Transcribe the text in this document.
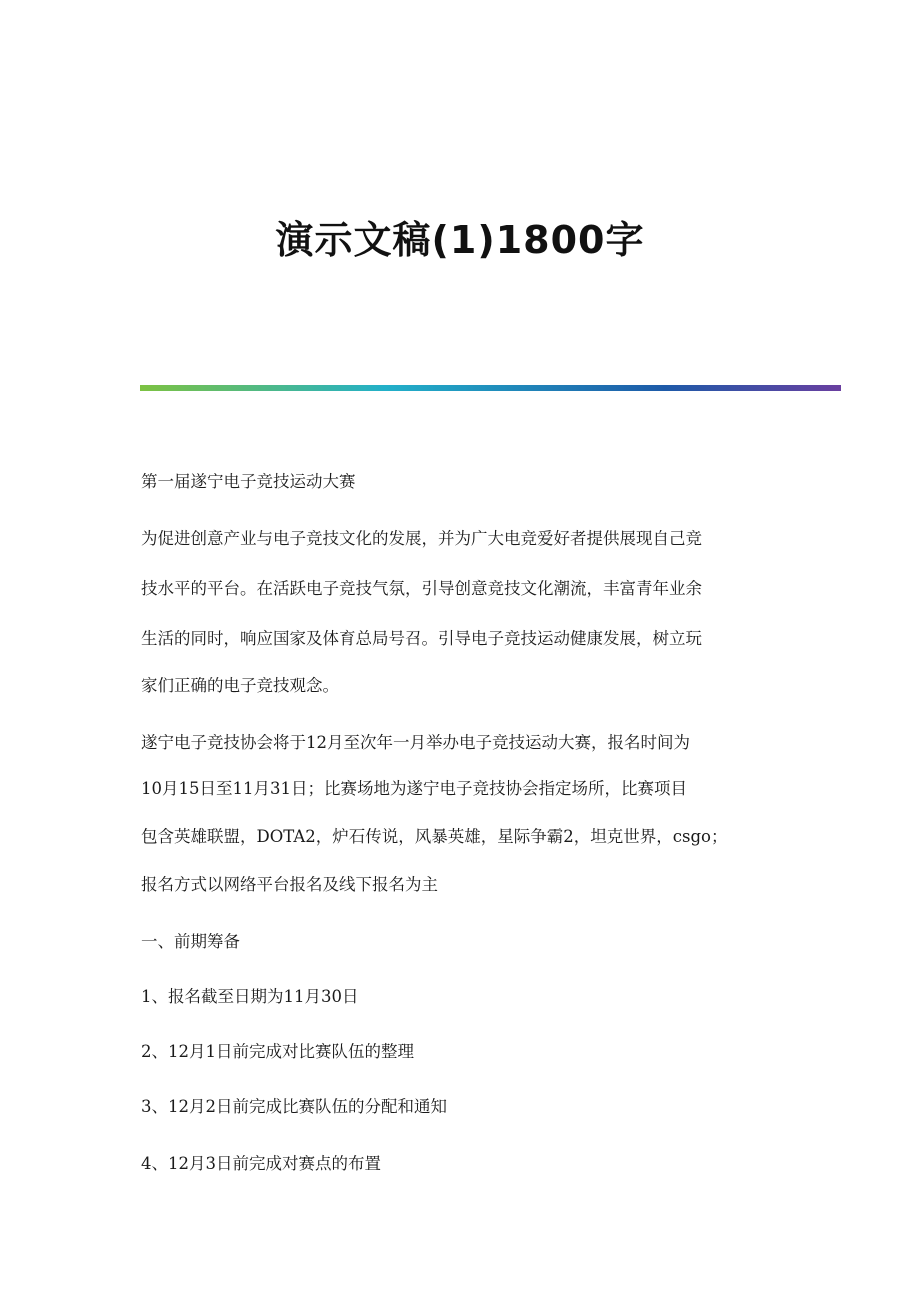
演示文稿(1)1800字
第一届遂宁电子竞技运动大赛
为促进创意产业与电子竞技文化的发展，并为广大电竞爱好者提供展现自己竞
技水平的平台。在活跃电子竞技气氛，引导创意竞技文化潮流，丰富青年业余
生活的同时，响应国家及体育总局号召。引导电子竞技运动健康发展，树立玩
家们正确的电子竞技观念。
遂宁电子竞技协会将于12月至次年一月举办电子竞技运动大赛，报名时间为
10月15日至11月31日；比赛场地为遂宁电子竞技协会指定场所，比赛项目
包含英雄联盟，DOTA2，炉石传说，风暴英雄，星际争霸2，坦克世界，csgo；
报名方式以网络平台报名及线下报名为主
一、前期筹备
1、报名截至日期为11月30日
2、12月1日前完成对比赛队伍的整理
3、12月2日前完成比赛队伍的分配和通知
4、12月3日前完成对赛点的布置
